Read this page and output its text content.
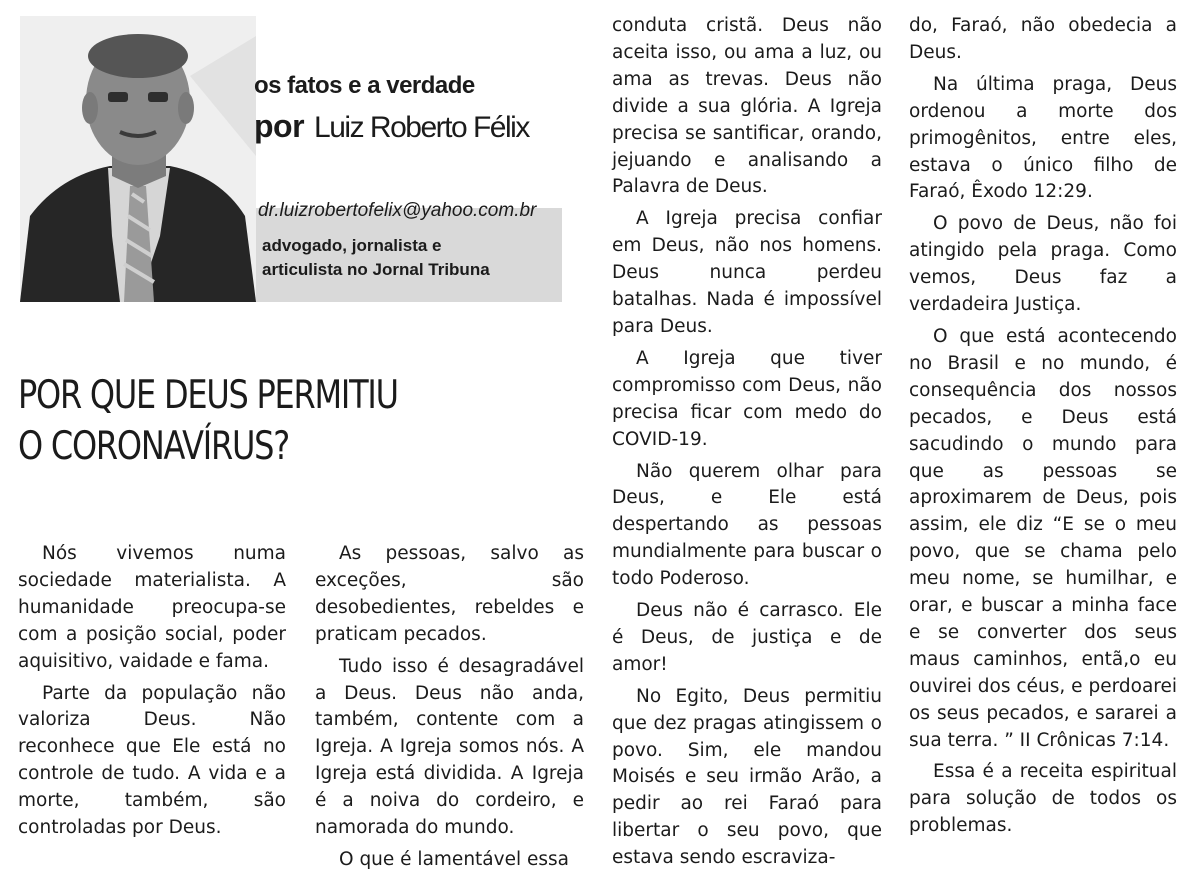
os fatos e a verdade
por Luiz Roberto Félix
dr.luizrobertofelix@yahoo.com.br
advogado, jornalista e
articulista no Jornal Tribuna
POR QUE DEUS PERMITIU
O CORONAVÍRUS?

Nós vivemos numa sociedade materialista. A humanidade preocupa-se com a posição social, poder aquisitivo, vaidade e fama.

Parte da população não valoriza Deus. Não reconhece que Ele está no controle de tudo. A vida e a morte, também, são controladas por Deus.

As pessoas, salvo as exceções, são desobedientes, rebeldes e praticam pecados.

Tudo isso é desagradável a Deus. Deus não anda, também, contente com a Igreja. A Igreja somos nós. A Igreja está dividida. A Igreja é a noiva do cordeiro, e namorada do mundo.

O que é lamentável essa

conduta cristã. Deus não aceita isso, ou ama a luz, ou ama as trevas. Deus não divide a sua glória. A Igreja precisa se santificar, orando, jejuando e analisando a Palavra de Deus.

A Igreja precisa confiar em Deus, não nos homens. Deus nunca perdeu batalhas. Nada é impossível para Deus.

A Igreja que tiver compromisso com Deus, não precisa ficar com medo do COVID-19.

Não querem olhar para Deus, e Ele está despertando as pessoas mundialmente para buscar o todo Poderoso.

Deus não é carrasco. Ele é Deus, de justiça e de amor!

No Egito, Deus permitiu que dez pragas atingissem o povo. Sim, ele mandou Moisés e seu irmão Arão, a pedir ao rei Faraó para libertar o seu povo, que estava sendo escraviza-

do, Faraó, não obedecia a Deus.

Na última praga, Deus ordenou a morte dos primogênitos, entre eles, estava o único filho de Faraó, Êxodo 12:29.

O povo de Deus, não foi atingido pela praga. Como vemos, Deus faz a verdadeira Justiça.

O que está acontecendo no Brasil e no mundo, é consequência dos nossos pecados, e Deus está sacudindo o mundo para que as pessoas se aproximarem de Deus, pois assim, ele diz “E se o meu povo, que se chama pelo meu nome, se humilhar, e orar, e buscar a minha face e se converter dos seus maus caminhos, entã,o eu ouvirei dos céus, e perdoarei os seus pecados, e sararei a sua terra. ” II Crônicas 7:14.

Essa é a receita espiritual para solução de todos os problemas.
